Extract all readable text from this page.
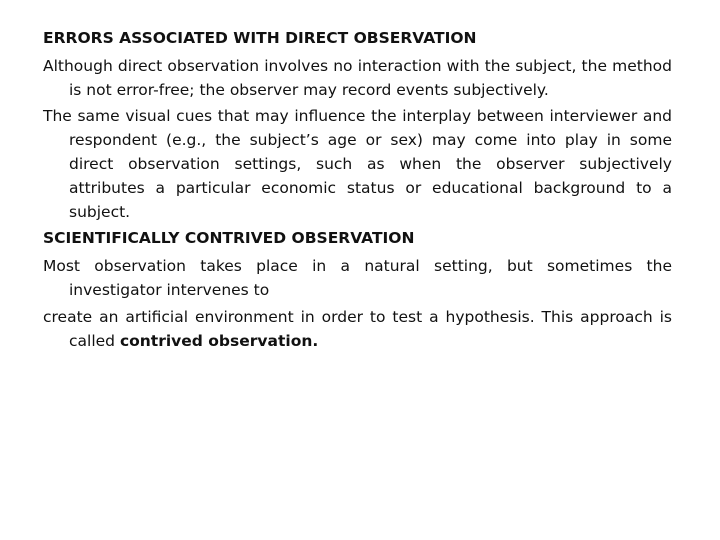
ERRORS ASSOCIATED WITH DIRECT OBSERVATION
Although direct observation involves no interaction with the subject, the method is not error-free; the observer may record events subjectively.
The same visual cues that may influence the interplay between interviewer and respondent (e.g., the subject’s age or sex) may come into play in some direct observation settings, such as when the observer subjectively attributes a particular economic status or educational background to a subject.
SCIENTIFICALLY CONTRIVED OBSERVATION
Most observation takes place in a natural setting, but sometimes the investigator intervenes to
create an artificial environment in order to test a hypothesis. This approach is called contrived observation.
